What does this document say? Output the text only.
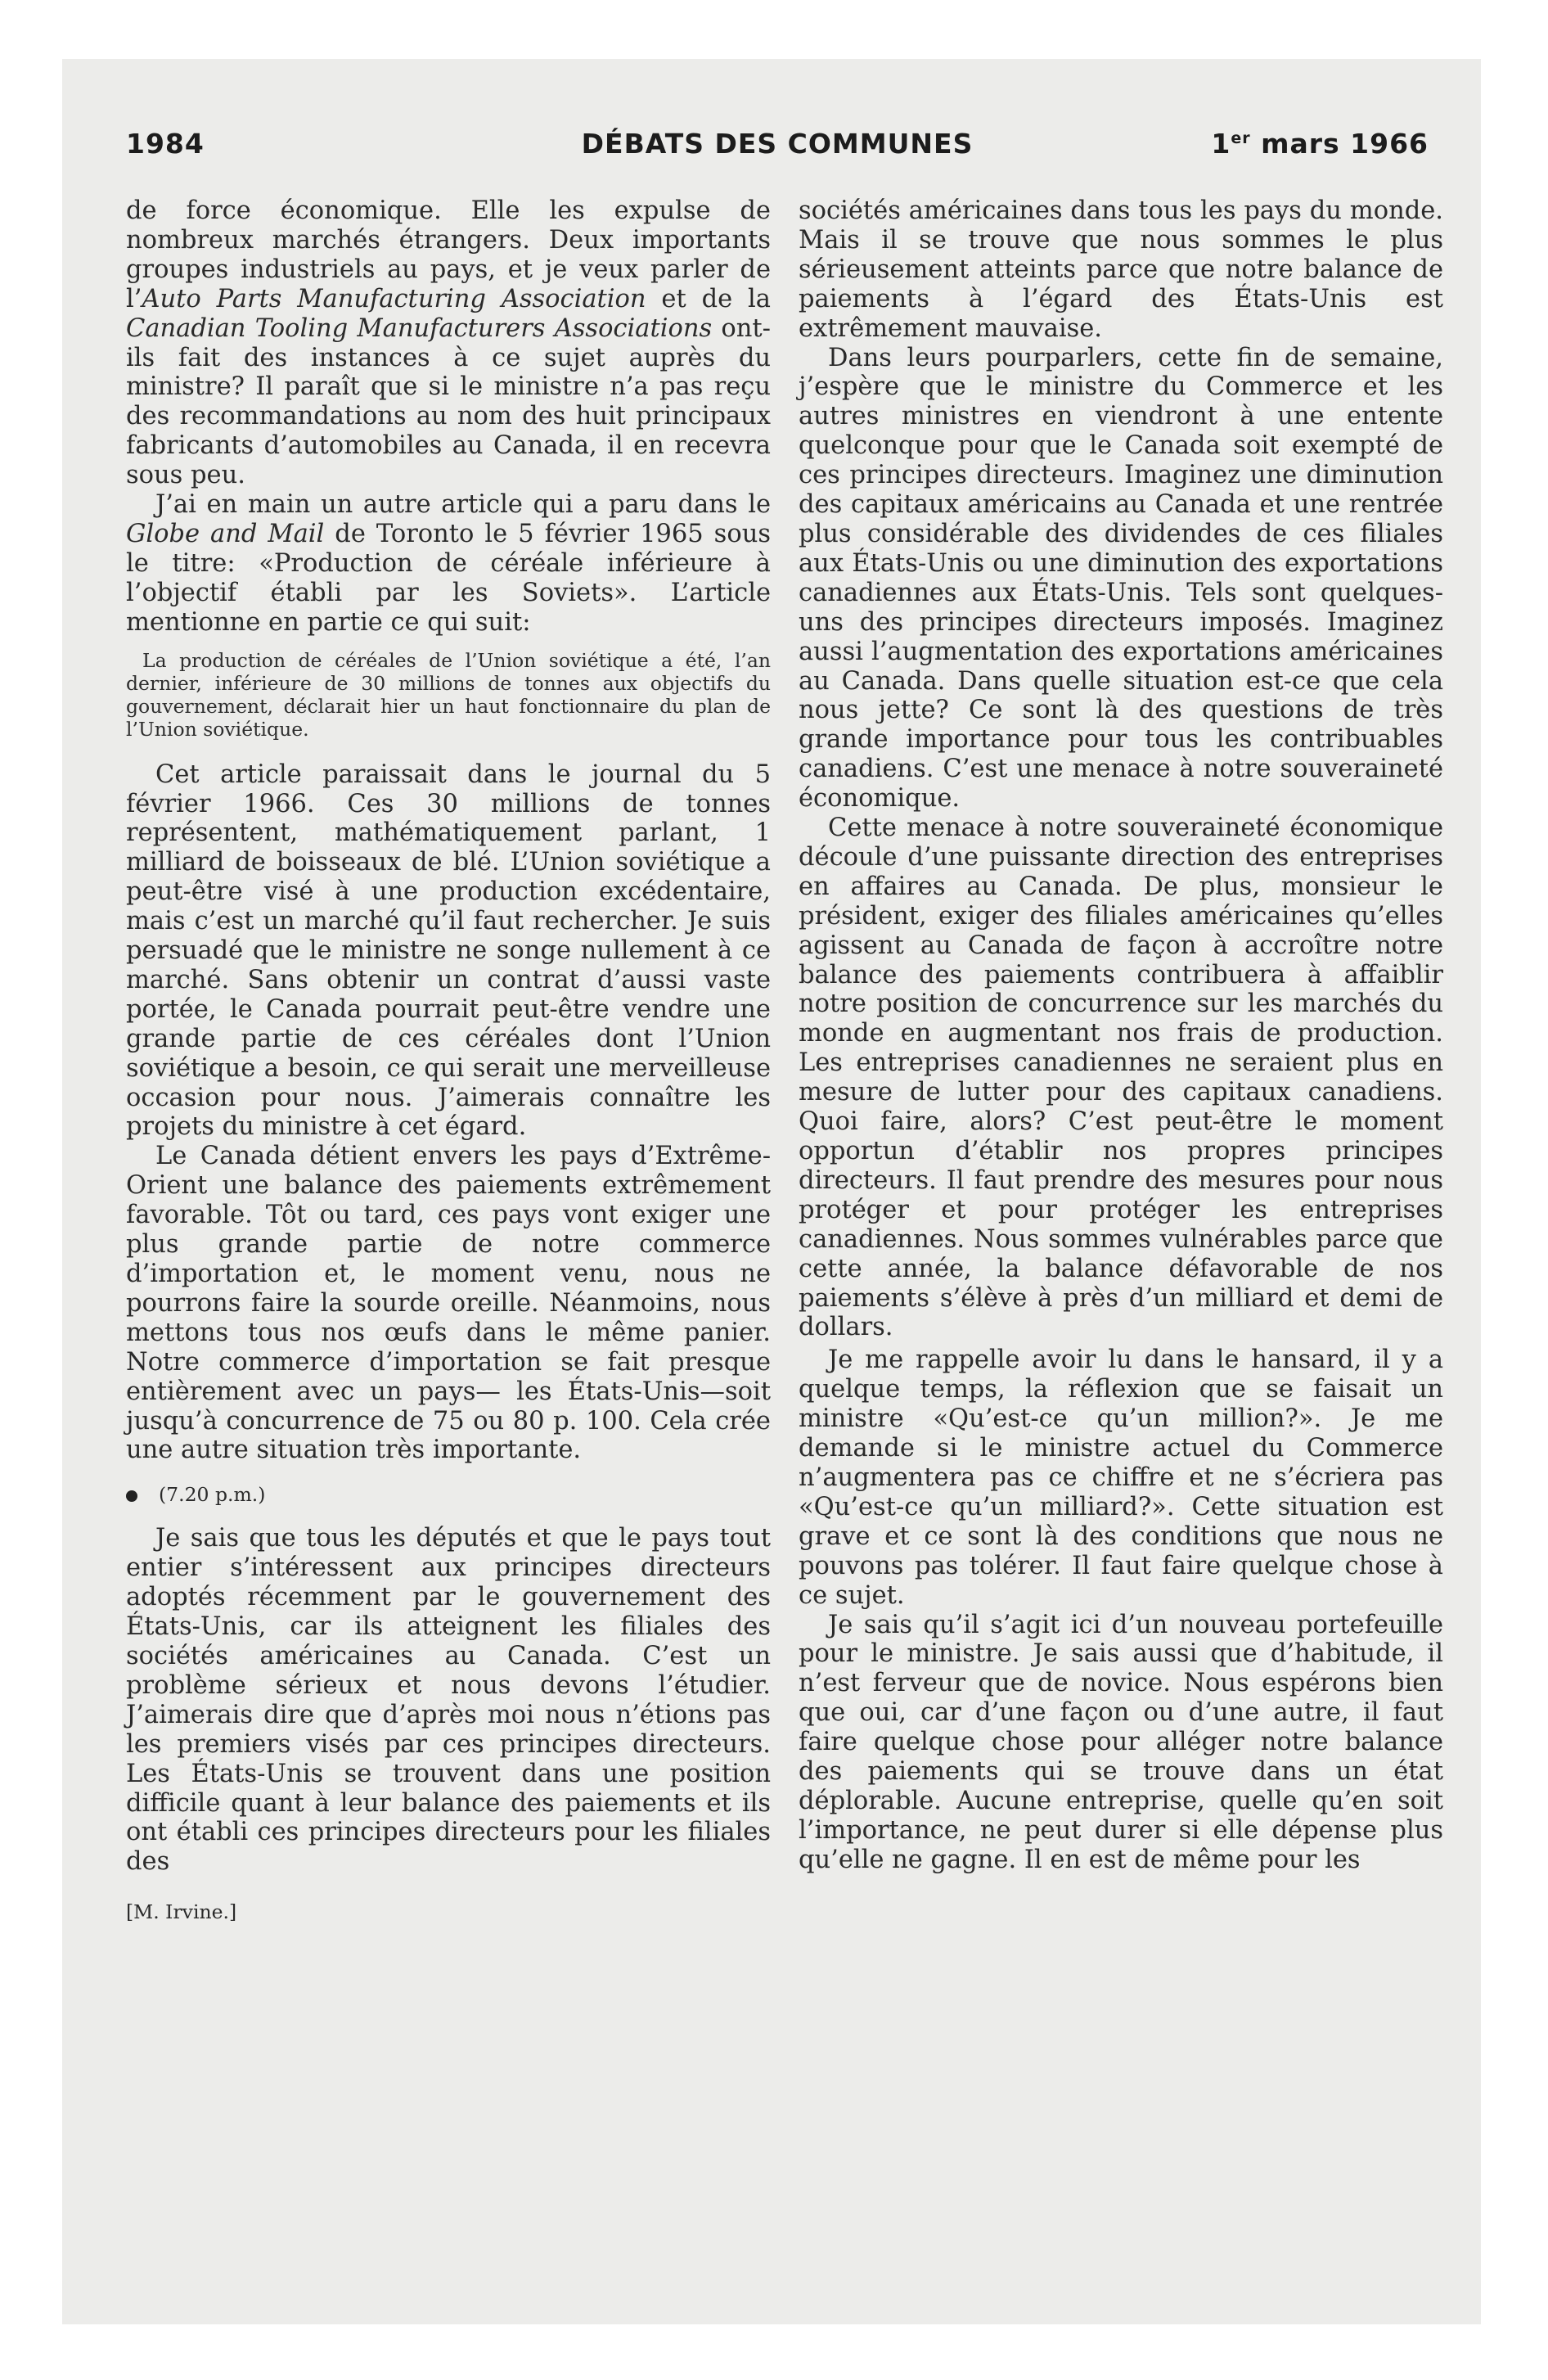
1984	DÉBATS DES COMMUNES	1er mars 1966

de force économique. Elle les expulse de nombreux marchés étrangers. Deux importants groupes industriels au pays, et je veux parler de l’Auto Parts Manufacturing Association et de la Canadian Tooling Manufacturers Associations ont-ils fait des instances à ce sujet auprès du ministre? Il paraît que si le ministre n’a pas reçu des recommandations au nom des huit principaux fabricants d’automobiles au Canada, il en recevra sous peu.

J’ai en main un autre article qui a paru dans le Globe and Mail de Toronto le 5 février 1965 sous le titre: «Production de céréale inférieure à l’objectif établi par les Soviets». L’article mentionne en partie ce qui suit:

La production de céréales de l’Union soviétique a été, l’an dernier, inférieure de 30 millions de tonnes aux objectifs du gouvernement, déclarait hier un haut fonctionnaire du plan de l’Union soviétique.

Cet article paraissait dans le journal du 5 février 1966. Ces 30 millions de tonnes représentent, mathématiquement parlant, 1 milliard de boisseaux de blé. L’Union soviétique a peut-être visé à une production excédentaire, mais c’est un marché qu’il faut rechercher. Je suis persuadé que le ministre ne songe nullement à ce marché. Sans obtenir un contrat d’aussi vaste portée, le Canada pourrait peut-être vendre une grande partie de ces céréales dont l’Union soviétique a besoin, ce qui serait une merveilleuse occasion pour nous. J’aimerais connaître les projets du ministre à cet égard.

Le Canada détient envers les pays d’Extrême-Orient une balance des paiements extrêmement favorable. Tôt ou tard, ces pays vont exiger une plus grande partie de notre commerce d’importation et, le moment venu, nous ne pourrons faire la sourde oreille. Néanmoins, nous mettons tous nos œufs dans le même panier. Notre commerce d’importation se fait presque entièrement avec un pays— les États-Unis—soit jusqu’à concurrence de 75 ou 80 p. 100. Cela crée une autre situation très importante.

(7.20 p.m.)

Je sais que tous les députés et que le pays tout entier s’intéressent aux principes directeurs adoptés récemment par le gouvernement des États-Unis, car ils atteignent les filiales des sociétés américaines au Canada. C’est un problème sérieux et nous devons l’étudier. J’aimerais dire que d’après moi nous n’étions pas les premiers visés par ces principes directeurs. Les États-Unis se trouvent dans une position difficile quant à leur balance des paiements et ils ont établi ces principes directeurs pour les filiales des

[M. Irvine.]

sociétés américaines dans tous les pays du monde. Mais il se trouve que nous sommes le plus sérieusement atteints parce que notre balance de paiements à l’égard des États-Unis est extrêmement mauvaise.

Dans leurs pourparlers, cette fin de semaine, j’espère que le ministre du Commerce et les autres ministres en viendront à une entente quelconque pour que le Canada soit exempté de ces principes directeurs. Imaginez une diminution des capitaux américains au Canada et une rentrée plus considérable des dividendes de ces filiales aux États-Unis ou une diminution des exportations canadiennes aux États-Unis. Tels sont quelques-uns des principes directeurs imposés. Imaginez aussi l’augmentation des exportations américaines au Canada. Dans quelle situation est-ce que cela nous jette? Ce sont là des questions de très grande importance pour tous les contribuables canadiens. C’est une menace à notre souveraineté économique.

Cette menace à notre souveraineté économique découle d’une puissante direction des entreprises en affaires au Canada. De plus, monsieur le président, exiger des filiales américaines qu’elles agissent au Canada de façon à accroître notre balance des paiements contribuera à affaiblir notre position de concurrence sur les marchés du monde en augmentant nos frais de production. Les entreprises canadiennes ne seraient plus en mesure de lutter pour des capitaux canadiens. Quoi faire, alors? C’est peut-être le moment opportun d’établir nos propres principes directeurs. Il faut prendre des mesures pour nous protéger et pour protéger les entreprises canadiennes. Nous sommes vulnérables parce que cette année, la balance défavorable de nos paiements s’élève à près d’un milliard et demi de dollars.

Je me rappelle avoir lu dans le hansard, il y a quelque temps, la réflexion que se faisait un ministre «Qu’est-ce qu’un million?». Je me demande si le ministre actuel du Commerce n’augmentera pas ce chiffre et ne s’écriera pas «Qu’est-ce qu’un milliard?». Cette situation est grave et ce sont là des conditions que nous ne pouvons pas tolérer. Il faut faire quelque chose à ce sujet.

Je sais qu’il s’agit ici d’un nouveau portefeuille pour le ministre. Je sais aussi que d’habitude, il n’est ferveur que de novice. Nous espérons bien que oui, car d’une façon ou d’une autre, il faut faire quelque chose pour alléger notre balance des paiements qui se trouve dans un état déplorable. Aucune entreprise, quelle qu’en soit l’importance, ne peut durer si elle dépense plus qu’elle ne gagne. Il en est de même pour les
